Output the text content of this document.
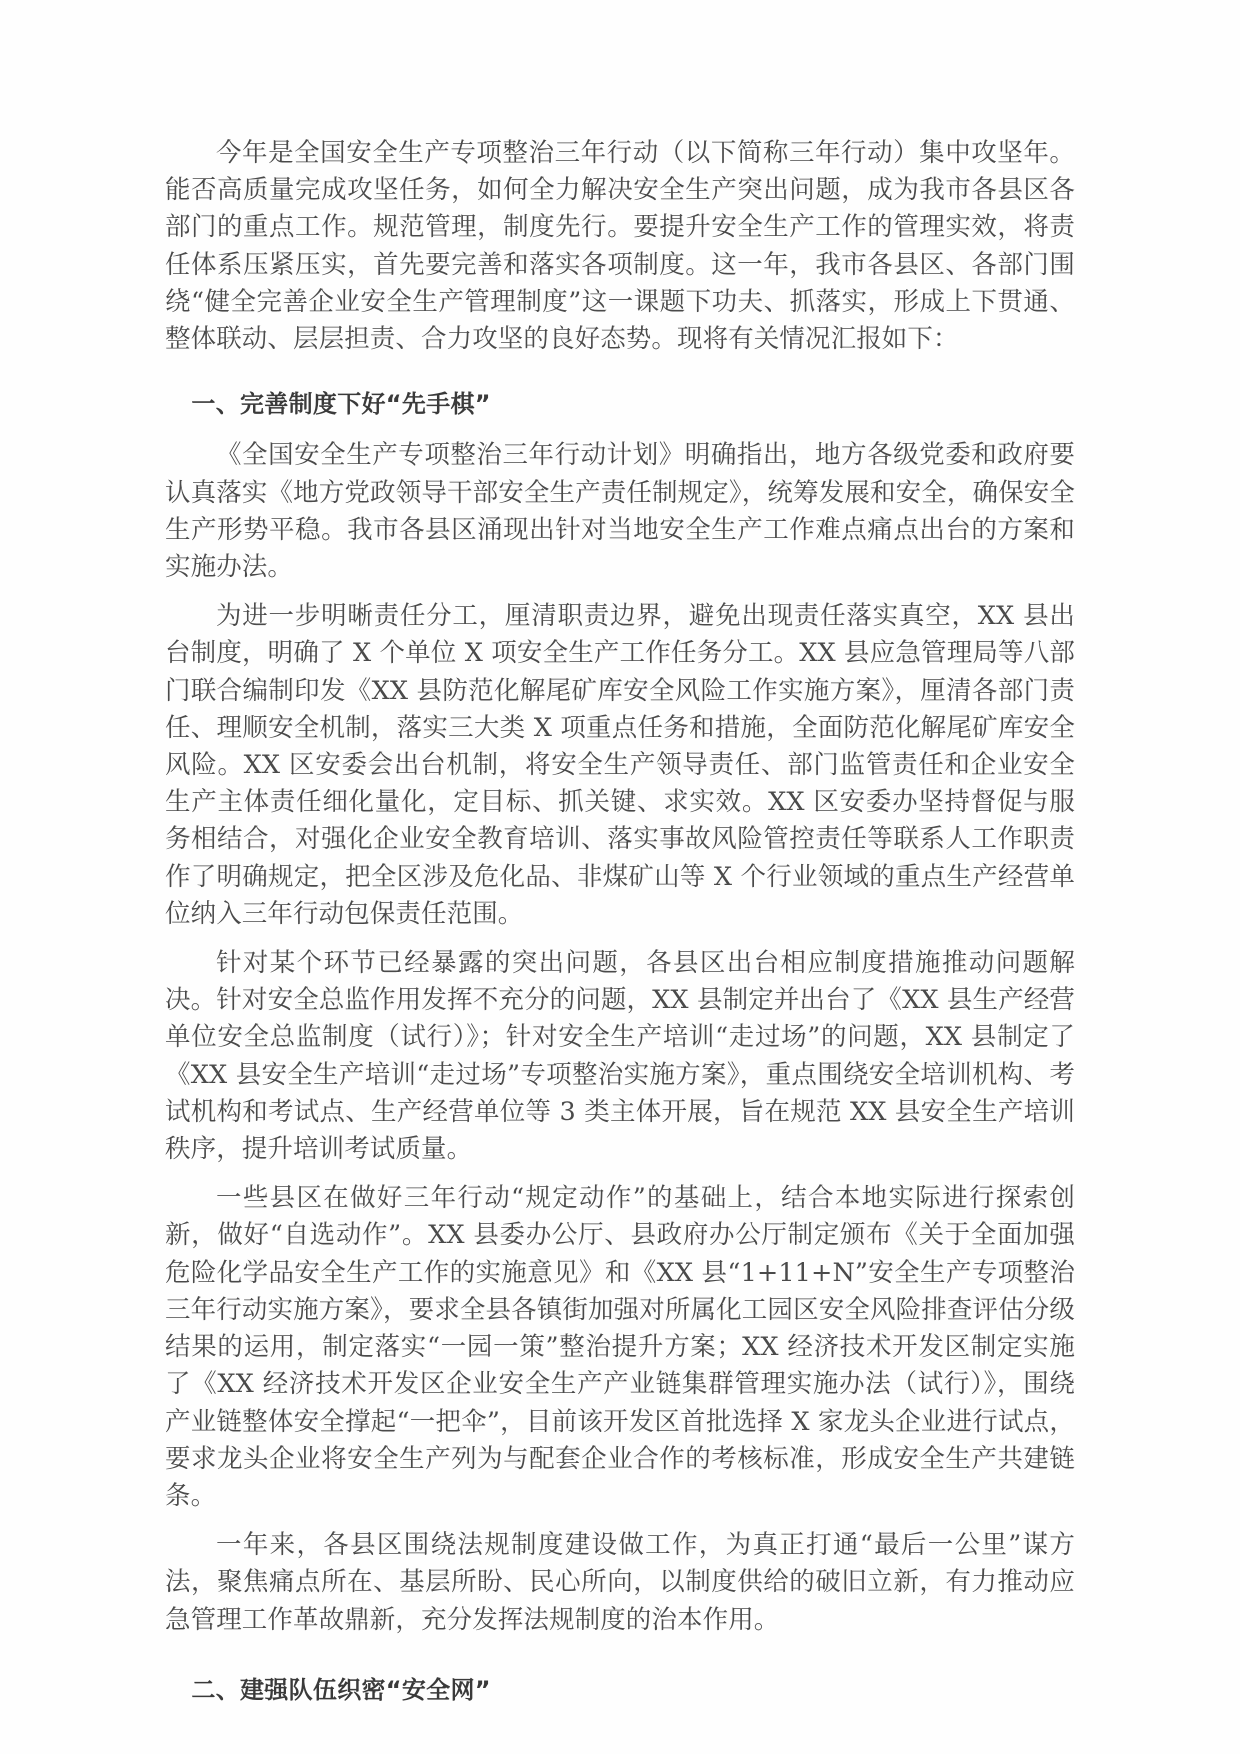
今年是全国安全生产专项整治三年行动（以下简称三年行动）集中攻坚年。能否高质量完成攻坚任务，如何全力解决安全生产突出问题，成为我市各县区各部门的重点工作。规范管理，制度先行。要提升安全生产工作的管理实效，将责任体系压紧压实，首先要完善和落实各项制度。这一年，我市各县区、各部门围绕“健全完善企业安全生产管理制度”这一课题下功夫、抓落实，形成上下贯通、整体联动、层层担责、合力攻坚的良好态势。现将有关情况汇报如下：

一、完善制度下好“先手棋”

《全国安全生产专项整治三年行动计划》明确指出，地方各级党委和政府要认真落实《地方党政领导干部安全生产责任制规定》，统筹发展和安全，确保安全生产形势平稳。我市各县区涌现出针对当地安全生产工作难点痛点出台的方案和实施办法。

为进一步明晰责任分工，厘清职责边界，避免出现责任落实真空，XX 县出台制度，明确了 X 个单位 X 项安全生产工作任务分工。XX 县应急管理局等八部门联合编制印发《XX 县防范化解尾矿库安全风险工作实施方案》，厘清各部门责任、理顺安全机制，落实三大类 X 项重点任务和措施，全面防范化解尾矿库安全风险。XX 区安委会出台机制，将安全生产领导责任、部门监管责任和企业安全生产主体责任细化量化，定目标、抓关键、求实效。XX 区安委办坚持督促与服务相结合，对强化企业安全教育培训、落实事故风险管控责任等联系人工作职责作了明确规定，把全区涉及危化品、非煤矿山等 X 个行业领域的重点生产经营单位纳入三年行动包保责任范围。

针对某个环节已经暴露的突出问题，各县区出台相应制度措施推动问题解决。针对安全总监作用发挥不充分的问题，XX 县制定并出台了《XX 县生产经营单位安全总监制度（试行）》；针对安全生产培训“走过场”的问题，XX 县制定了《XX 县安全生产培训“走过场”专项整治实施方案》，重点围绕安全培训机构、考试机构和考试点、生产经营单位等 3 类主体开展，旨在规范 XX 县安全生产培训秩序，提升培训考试质量。

一些县区在做好三年行动“规定动作”的基础上，结合本地实际进行探索创新，做好“自选动作”。XX 县委办公厅、县政府办公厅制定颁布《关于全面加强危险化学品安全生产工作的实施意见》和《XX 县“1+11+N”安全生产专项整治三年行动实施方案》，要求全县各镇街加强对所属化工园区安全风险排查评估分级结果的运用，制定落实“一园一策”整治提升方案；XX 经济技术开发区制定实施了《XX 经济技术开发区企业安全生产产业链集群管理实施办法（试行）》，围绕产业链整体安全撑起“一把伞”，目前该开发区首批选择 X 家龙头企业进行试点，要求龙头企业将安全生产列为与配套企业合作的考核标准，形成安全生产共建链条。

一年来，各县区围绕法规制度建设做工作，为真正打通“最后一公里”谋方法，聚焦痛点所在、基层所盼、民心所向，以制度供给的破旧立新，有力推动应急管理工作革故鼎新，充分发挥法规制度的治本作用。

二、建强队伍织密“安全网”
